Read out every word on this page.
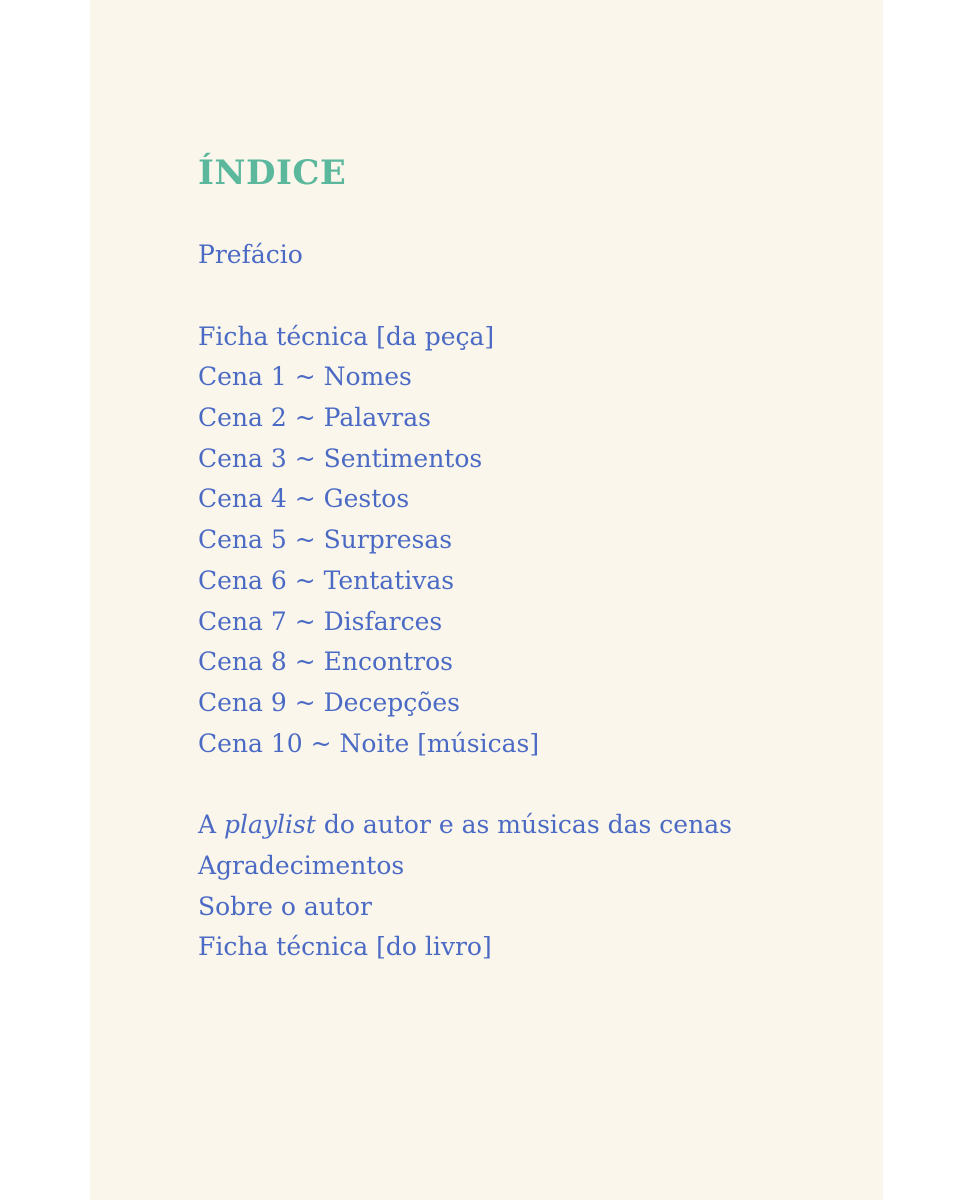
ÍNDICE
Prefácio
Ficha técnica [da peça]
Cena 1 ~ Nomes
Cena 2 ~ Palavras
Cena 3 ~ Sentimentos
Cena 4 ~ Gestos
Cena 5 ~ Surpresas
Cena 6 ~ Tentativas
Cena 7 ~ Disfarces
Cena 8 ~ Encontros
Cena 9 ~ Decepções
Cena 10 ~ Noite [músicas]
A playlist do autor e as músicas das cenas
Agradecimentos
Sobre o autor
Ficha técnica [do livro]
